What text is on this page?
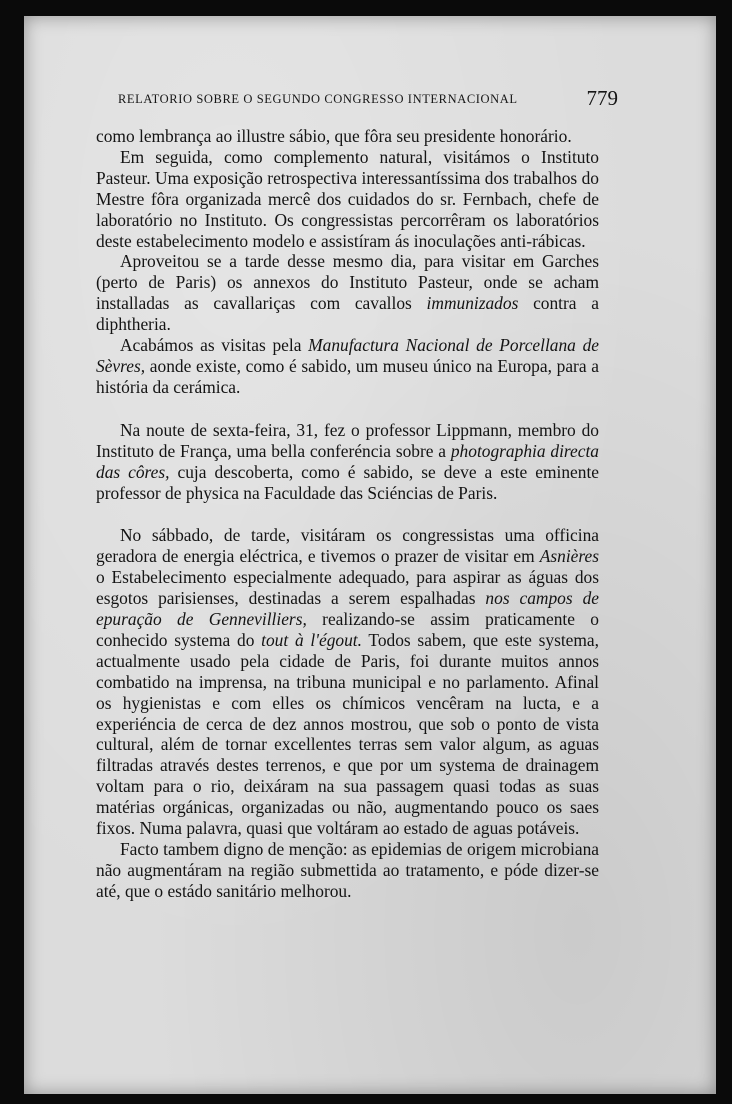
RELATORIO SOBRE O SEGUNDO CONGRESSO INTERNACIONAL	779

como lembrança ao illustre sábio, que fôra seu presidente honorário.

Em seguida, como complemento natural, visitámos o Instituto Pasteur. Uma exposição retrospectiva interessantíssima dos trabalhos do Mestre fôra organizada mercê dos cuidados do sr. Fernbach, chefe de laboratório no Instituto. Os congressistas percorrêram os laboratórios deste estabelecimento modelo e assistíram ás inoculações anti-rábicas.

Aproveitou se a tarde desse mesmo dia, para visitar em Garches (perto de Paris) os annexos do Instituto Pasteur, onde se acham installadas as cavallariças com cavallos immunizados contra a diphtheria.

Acabámos as visitas pela Manufactura Nacional de Porcellana de Sèvres, aonde existe, como é sabido, um museu único na Europa, para a história da cerámica.

Na noute de sexta-feira, 31, fez o professor Lippmann, membro do Instituto de França, uma bella conferéncia sobre a photographia directa das côres, cuja descoberta, como é sabido, se deve a este eminente professor de physica na Faculdade das Sciéncias de Paris.

No sábbado, de tarde, visitáram os congressistas uma officina geradora de energia eléctrica, e tivemos o prazer de visitar em Asnières o Estabelecimento especialmente adequado, para aspirar as águas dos esgotos parisienses, destinadas a serem espalhadas nos campos de epuração de Gennevilliers, realizando-se assim praticamente o conhecido systema do tout à l'égout. Todos sabem, que este systema, actualmente usado pela cidade de Paris, foi durante muitos annos combatido na imprensa, na tribuna municipal e no parlamento. Afinal os hygienistas e com elles os chímicos vencêram na lucta, e a experiéncia de cerca de dez annos mostrou, que sob o ponto de vista cultural, além de tornar excellentes terras sem valor algum, as aguas filtradas através destes terrenos, e que por um systema de drainagem voltam para o rio, deixáram na sua passagem quasi todas as suas matérias orgánicas, organizadas ou não, augmentando pouco os saes fixos. Numa palavra, quasi que voltáram ao estado de aguas potáveis.

Facto tambem digno de menção: as epidemias de origem microbiana não augmentáram na região submettida ao tratamento, e póde dizer-se até, que o estádo sanitário melhorou.
